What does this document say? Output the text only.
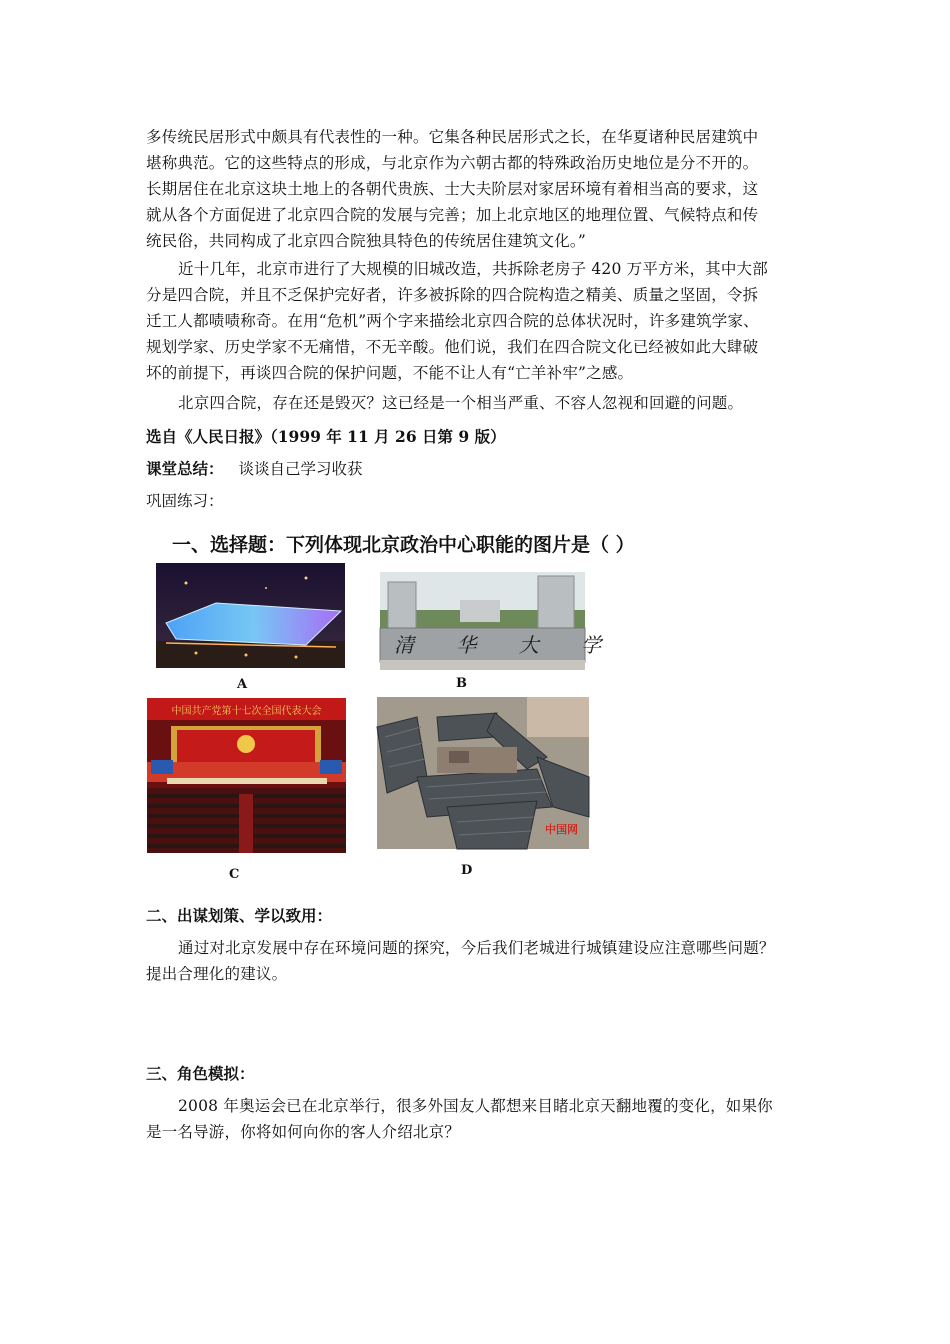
多传统民居形式中颇具有代表性的一种。它集各种民居形式之长，在华夏诸种民居建筑中
堪称典范。它的这些特点的形成，与北京作为六朝古都的特殊政治历史地位是分不开的。
长期居住在北京这块土地上的各朝代贵族、士大夫阶层对家居环境有着相当高的要求，这
就从各个方面促进了北京四合院的发展与完善；加上北京地区的地理位置、气候特点和传
统民俗，共同构成了北京四合院独具特色的传统居住建筑文化。”
近十几年，北京市进行了大规模的旧城改造，共拆除老房子 420 万平方米，其中大部
分是四合院，并且不乏保护完好者，许多被拆除的四合院构造之精美、质量之坚固，令拆
迁工人都啧啧称奇。在用“危机”两个字来描绘北京四合院的总体状况时，许多建筑学家、
规划学家、历史学家不无痛惜，不无辛酸。他们说，我们在四合院文化已经被如此大肆破
坏的前提下，再谈四合院的保护问题，不能不让人有“亡羊补牢”之感。
北京四合院，存在还是毁灭？这已经是一个相当严重、不容人忽视和回避的问题。

选自《人民日报》（1999 年 11 月 26 日第 9 版）

课堂总结： 谈谈自己学习收获

巩固练习：

一、选择题：下列体现北京政治中心职能的图片是（ ）
A
清 华 大 学
B
中国共产党第十七次全国代表大会
C
中国网
D

二、出谋划策、学以致用：

通过对北京发展中存在环境问题的探究，今后我们老城进行城镇建设应注意哪些问题？
提出合理化的建议。

三、角色模拟：

2008 年奥运会已在北京举行，很多外国友人都想来目睹北京天翻地覆的变化，如果你
是一名导游，你将如何向你的客人介绍北京？
